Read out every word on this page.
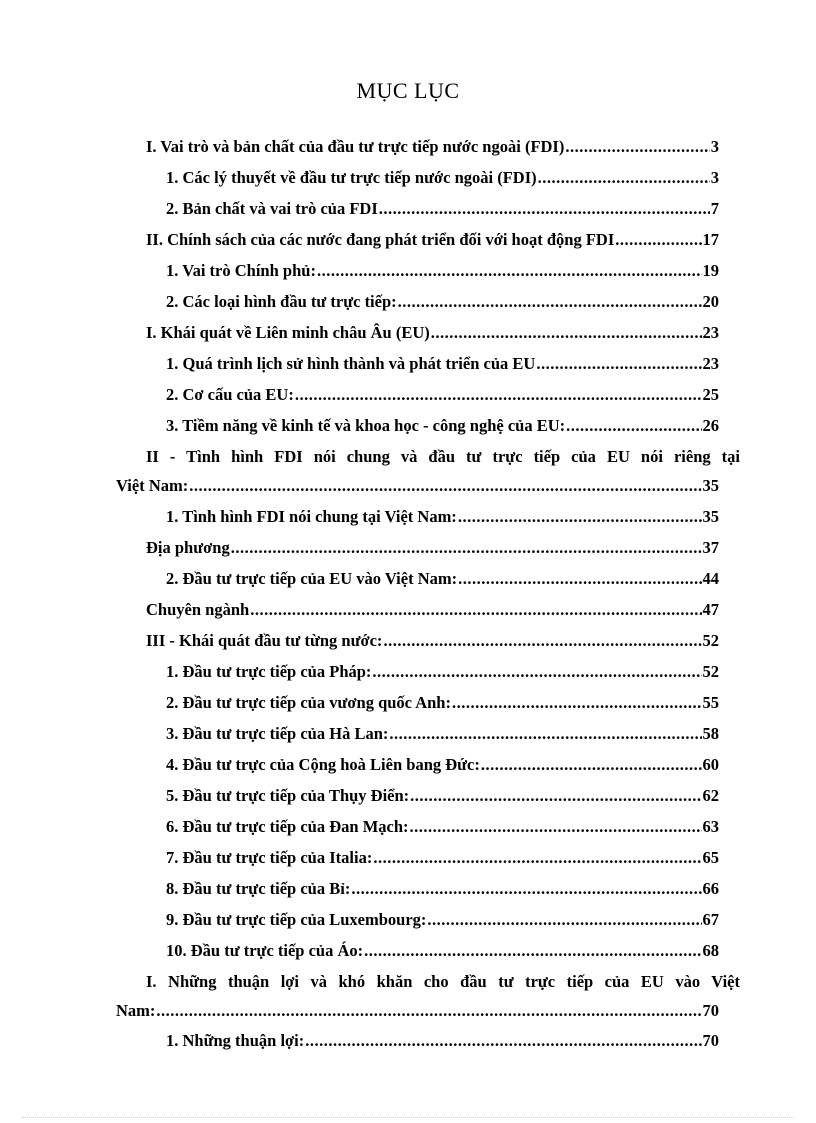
MỤC LỤC
I. Vai trò và bản chất của đầu tư trực tiếp nước ngoài (FDI) .....	3
1. Các lý thuyết về đầu tư trực tiếp nước ngoài (FDI) .....	3
2. Bản chất và vai trò của FDI .....	7
II. Chính sách của các nước đang phát triển đối với hoạt động FDI .....	17
1. Vai trò Chính phủ: .....	19
2. Các loại hình đầu tư trực tiếp: .....	20
I. Khái quát về Liên minh châu Âu (EU) .....	23
1. Quá trình lịch sử hình thành và phát triển của EU .....	23
2. Cơ cấu của EU: .....	25
3. Tiềm năng về kinh tế và khoa học - công nghệ của EU: .....	26
II - Tình hình FDI nói chung và đầu tư trực tiếp của EU nói riêng tại
Việt Nam: .....	35
1. Tình hình FDI nói chung tại Việt Nam: .....	35
Địa phương .....	37
2. Đầu tư trực tiếp của EU vào Việt Nam: .....	44
Chuyên ngành .....	47
III - Khái quát đầu tư từng nước: .....	52
1. Đầu tư trực tiếp của Pháp: .....	52
2. Đầu tư trực tiếp của vương quốc Anh: .....	55
3. Đầu tư trực tiếp của Hà Lan: .....	58
4. Đầu tư trực của Cộng hoà Liên bang Đức: .....	60
5. Đầu tư trực tiếp của Thụy Điển: .....	62
6. Đầu tư trực tiếp của Đan Mạch: .....	63
7. Đầu tư trực tiếp của Italia: .....	65
8. Đầu tư trực tiếp của Bỉ: .....	66
9. Đầu tư trực tiếp của Luxembourg: .....	67
10. Đầu tư trực tiếp của Áo: .....	68
I. Những thuận lợi và khó khăn cho đầu tư trực tiếp của EU vào Việt
Nam: .....	70
1. Những thuận lợi: .....	70
